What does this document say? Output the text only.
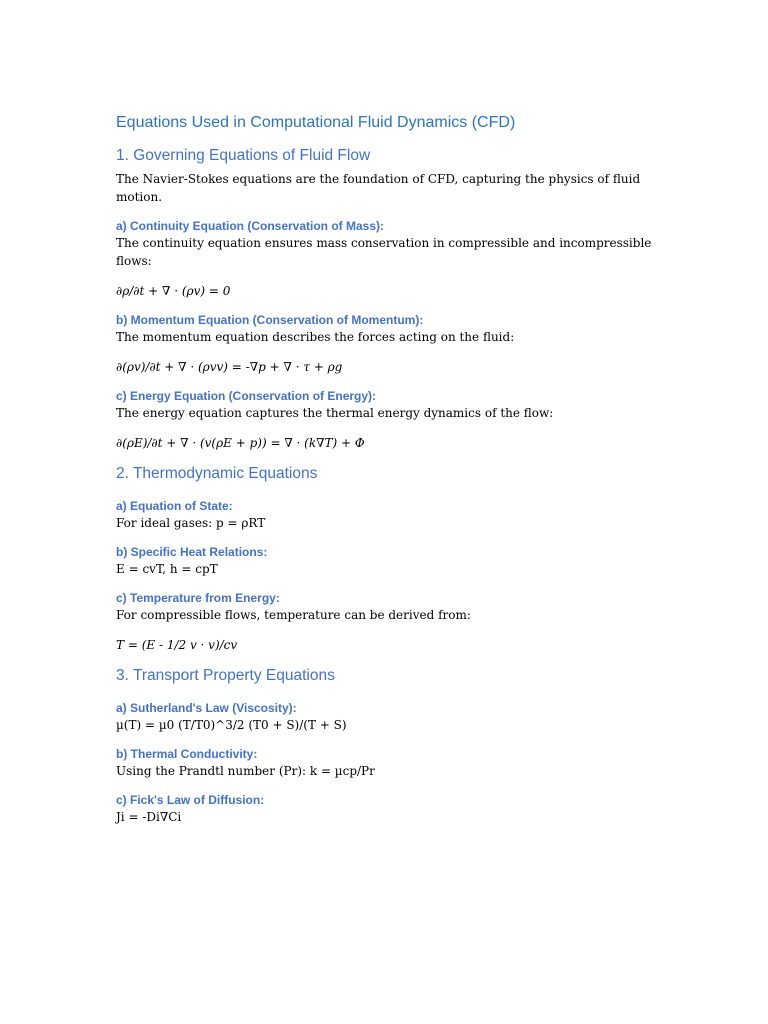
Equations Used in Computational Fluid Dynamics (CFD)
1. Governing Equations of Fluid Flow
The Navier-Stokes equations are the foundation of CFD, capturing the physics of fluid motion.
a) Continuity Equation (Conservation of Mass):
The continuity equation ensures mass conservation in compressible and incompressible flows:
∂ρ/∂t + ∇ · (ρv) = 0
b) Momentum Equation (Conservation of Momentum):
The momentum equation describes the forces acting on the fluid:
∂(ρv)/∂t + ∇ · (ρvv) = -∇p + ∇ · τ + ρg
c) Energy Equation (Conservation of Energy):
The energy equation captures the thermal energy dynamics of the flow:
∂(ρE)/∂t + ∇ · (v(ρE + p)) = ∇ · (k∇T) + Φ
2. Thermodynamic Equations
a) Equation of State:
For ideal gases: p = ρRT
b) Specific Heat Relations:
E = cvT, h = cpT
c) Temperature from Energy:
For compressible flows, temperature can be derived from:
T = (E - 1/2 v · v)/cv
3. Transport Property Equations
a) Sutherland's Law (Viscosity):
µ(T) = µ0 (T/T0)^3/2 (T0 + S)/(T + S)
b) Thermal Conductivity:
Using the Prandtl number (Pr): k = µcp/Pr
c) Fick's Law of Diffusion:
Ji = -Di∇Ci
